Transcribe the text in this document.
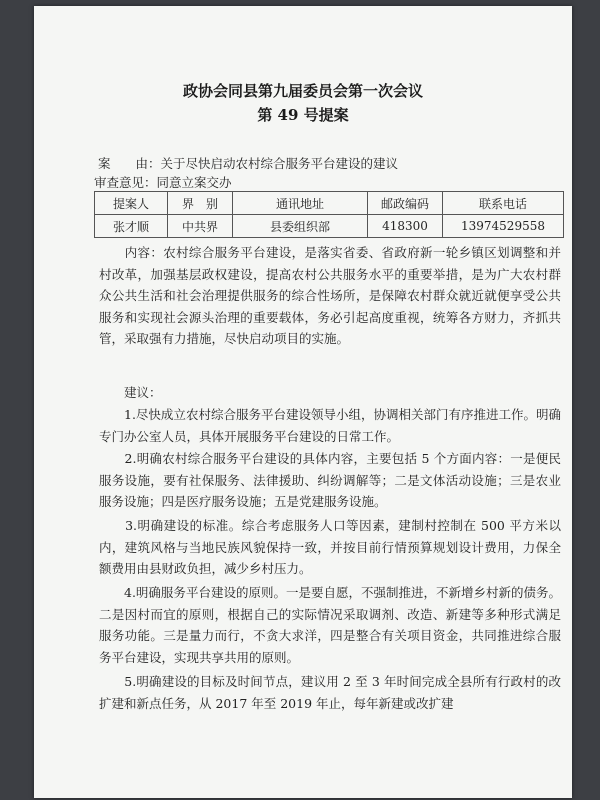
政协会同县第九届委员会第一次会议
第 49 号提案
案　　由：关于尽快启动农村综合服务平台建设的建议
审查意见：同意立案交办
提案人	界　别	通讯地址	邮政编码	联系电话
张才顺	中共界	县委组织部	418300	13974529558
　　内容：农村综合服务平台建设，是落实省委、省政府新一轮乡镇区划调整和并村改革，加强基层政权建设，提高农村公共服务水平的重要举措，是为广大农村群众公共生活和社会治理提供服务的综合性场所，是保障农村群众就近就便享受公共服务和实现社会源头治理的重要载体，务必引起高度重视，统筹各方财力，齐抓共管，采取强有力措施，尽快启动项目的实施。
　　建议：
　　1.尽快成立农村综合服务平台建设领导小组，协调相关部门有序推进工作。明确专门办公室人员，具体开展服务平台建设的日常工作。
　　2.明确农村综合服务平台建设的具体内容，主要包括 5 个方面内容：一是便民服务设施，要有社保服务、法律援助、纠纷调解等；二是文体活动设施；三是农业服务设施；四是医疗服务设施；五是党建服务设施。
　　3.明确建设的标准。综合考虑服务人口等因素，建制村控制在 500 平方米以内，建筑风格与当地民族风貌保持一致，并按目前行情预算规划设计费用，力保全额费用由县财政负担，减少乡村压力。
　　4.明确服务平台建设的原则。一是要自愿，不强制推进，不新增乡村新的债务。二是因村而宜的原则，根据自己的实际情况采取调剂、改造、新建等多种形式满足服务功能。三是量力而行，不贪大求洋，四是整合有关项目资金，共同推进综合服务平台建设，实现共享共用的原则。
　　5.明确建设的目标及时间节点，建议用 2 至 3 年时间完成全县所有行政村的改扩建和新点任务，从 2017 年至 2019 年止，每年新建或改扩建
